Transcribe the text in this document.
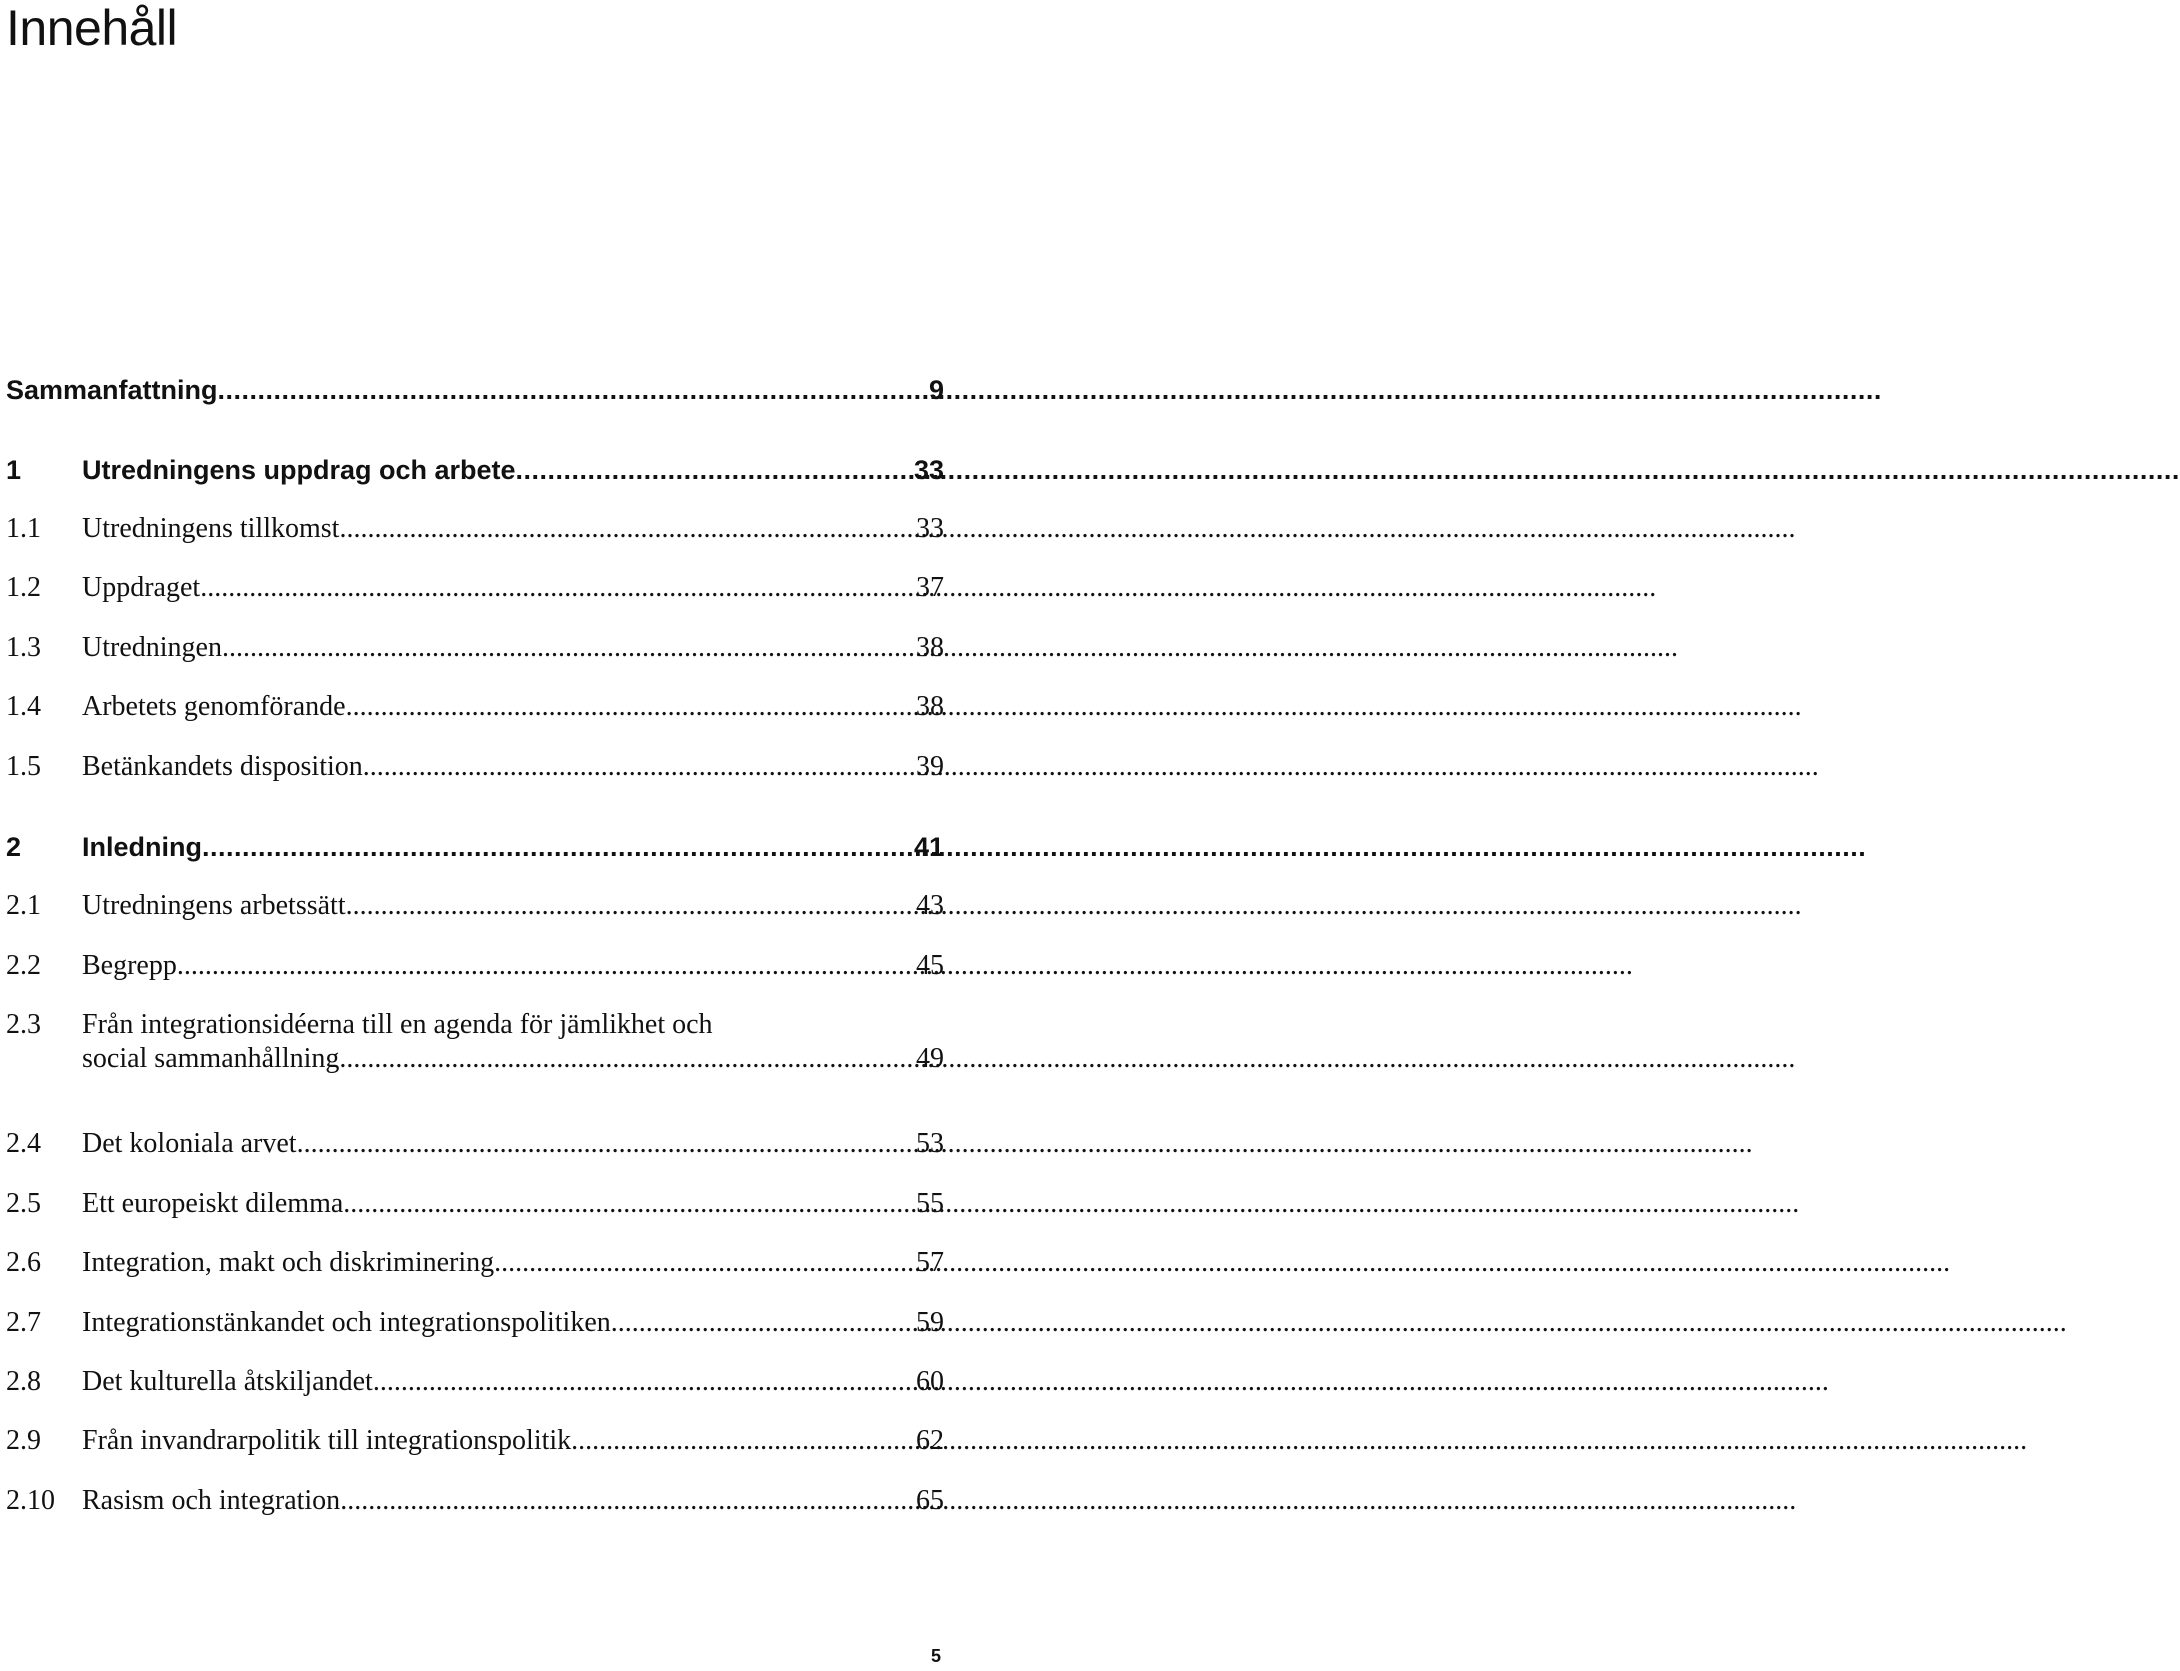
Innehåll
Sammanfattning .....	9
1	Utredningens uppdrag och arbete .....	33
1.1	Utredningens tillkomst .....	33
1.2	Uppdraget .....	37
1.3	Utredningen .....	38
1.4	Arbetets genomförande .....	38
1.5	Betänkandets disposition .....	39
2	Inledning .....	41
2.1	Utredningens arbetssätt .....	43
2.2	Begrepp .....	45
2.3	Från integrationsidéerna till en agenda för jämlikhet och
social sammanhållning .....	49
2.4	Det koloniala arvet .....	53
2.5	Ett europeiskt dilemma .....	55
2.6	Integration, makt och diskriminering .....	57
2.7	Integrationstänkandet och integrationspolitiken .....	59
2.8	Det kulturella åtskiljandet .....	60
2.9	Från invandrarpolitik till integrationspolitik .....	62
2.10 Rasism och integration .....	65
5
